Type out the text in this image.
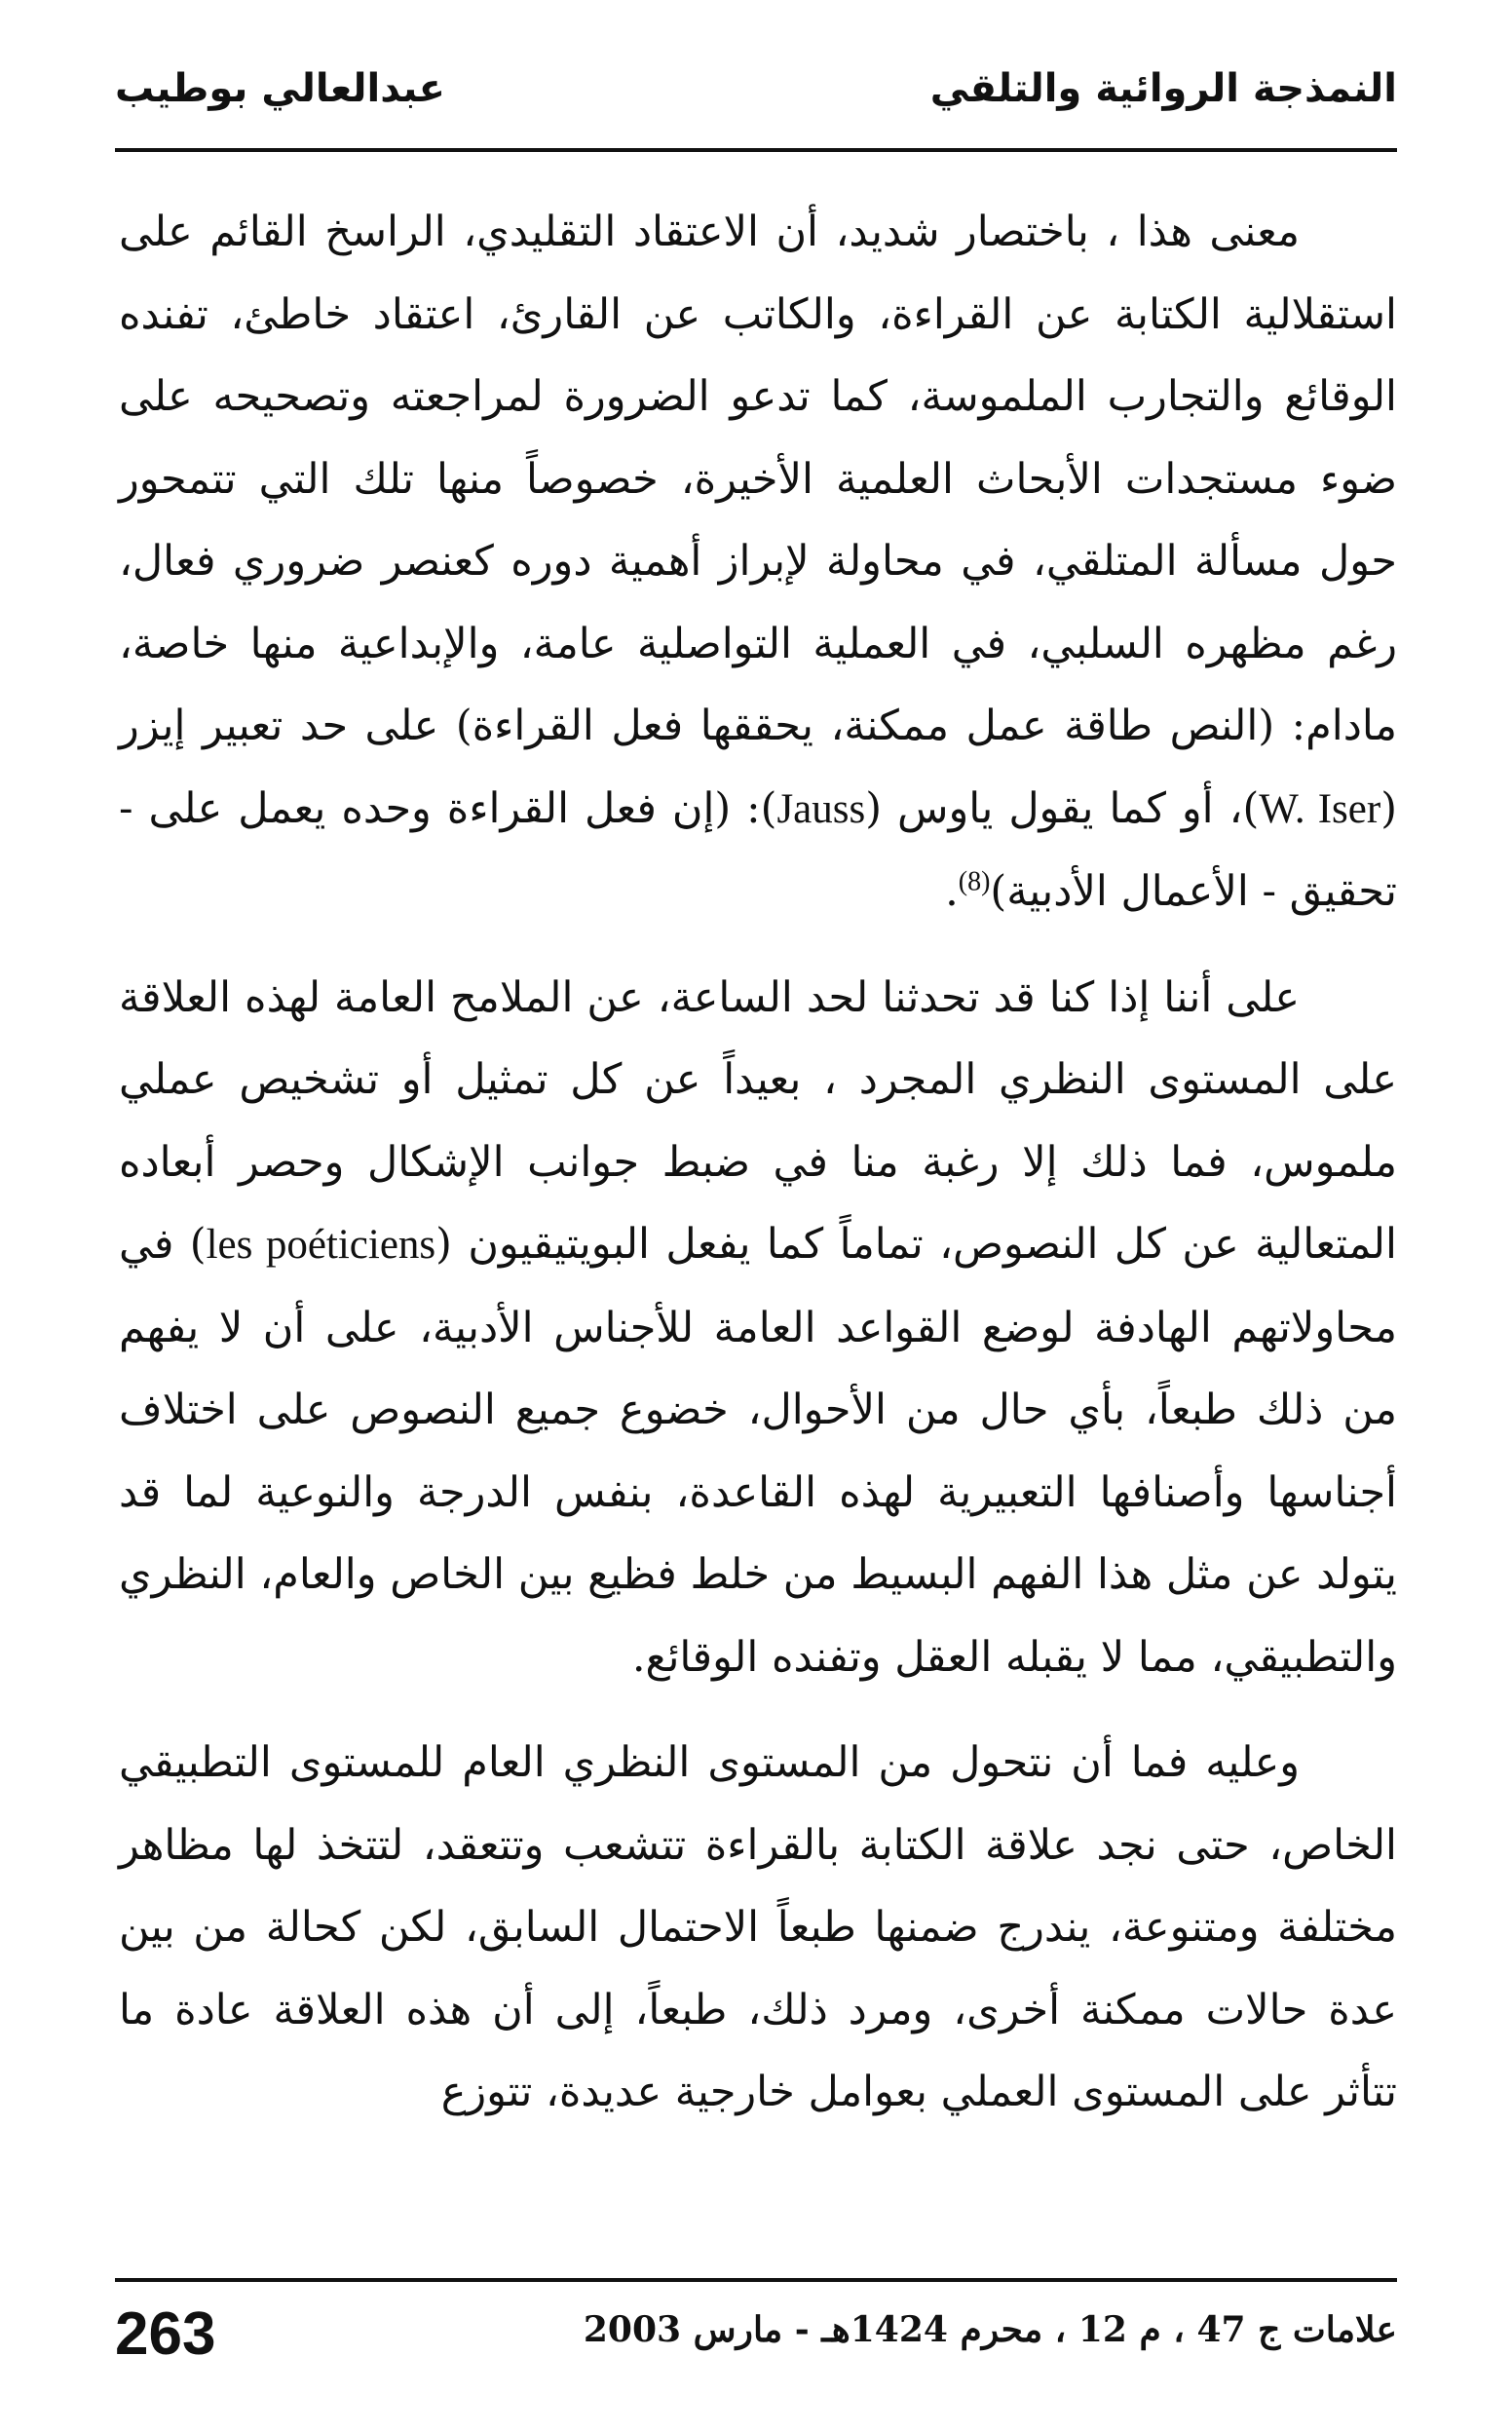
النمذجة الروائية والتلقي
عبدالعالي بوطيب

معنى هذا ، باختصار شديد، أن الاعتقاد التقليدي، الراسخ القائم على استقلالية الكتابة عن القراءة، والكاتب عن القارئ، اعتقاد خاطئ، تفنده الوقائع والتجارب الملموسة، كما تدعو الضرورة لمراجعته وتصحيحه على ضوء مستجدات الأبحاث العلمية الأخيرة، خصوصاً منها تلك التي تتمحور حول مسألة المتلقي، في محاولة لإبراز أهمية دوره كعنصر ضروري فعال، رغم مظهره السلبي، في العملية التواصلية عامة، والإبداعية منها خاصة، مادام: (النص طاقة عمل ممكنة، يحققها فعل القراءة) على حد تعبير إيزر (W. Iser)، أو كما يقول ياوس (Jauss): (إن فعل القراءة وحده يعمل على - تحقيق - الأعمال الأدبية)$^{(8)}$.

على أننا إذا كنا قد تحدثنا لحد الساعة، عن الملامح العامة لهذه العلاقة على المستوى النظري المجرد ، بعيداً عن كل تمثيل أو تشخيص عملي ملموس، فما ذلك إلا رغبة منا في ضبط جوانب الإشكال وحصر أبعاده المتعالية عن كل النصوص، تماماً كما يفعل البويتيقيون (les poéticiens) في محاولاتهم الهادفة لوضع القواعد العامة للأجناس الأدبية، على أن لا يفهم من ذلك طبعاً، بأي حال من الأحوال، خضوع جميع النصوص على اختلاف أجناسها وأصنافها التعبيرية لهذه القاعدة، بنفس الدرجة والنوعية لما قد يتولد عن مثل هذا الفهم البسيط من خلط فظيع بين الخاص والعام، النظري والتطبيقي، مما لا يقبله العقل وتفنده الوقائع.

وعليه فما أن نتحول من المستوى النظري العام للمستوى التطبيقي الخاص، حتى نجد علاقة الكتابة بالقراءة تتشعب وتتعقد، لتتخذ لها مظاهر مختلفة ومتنوعة، يندرج ضمنها طبعاً الاحتمال السابق، لكن كحالة من بين عدة حالات ممكنة أخرى، ومرد ذلك، طبعاً، إلى أن هذه العلاقة عادة ما تتأثر على المستوى العملي بعوامل خارجية عديدة، تتوزع

علامات ج 47 ، م 12 ، محرم 1424هـ - مارس 2003
263
